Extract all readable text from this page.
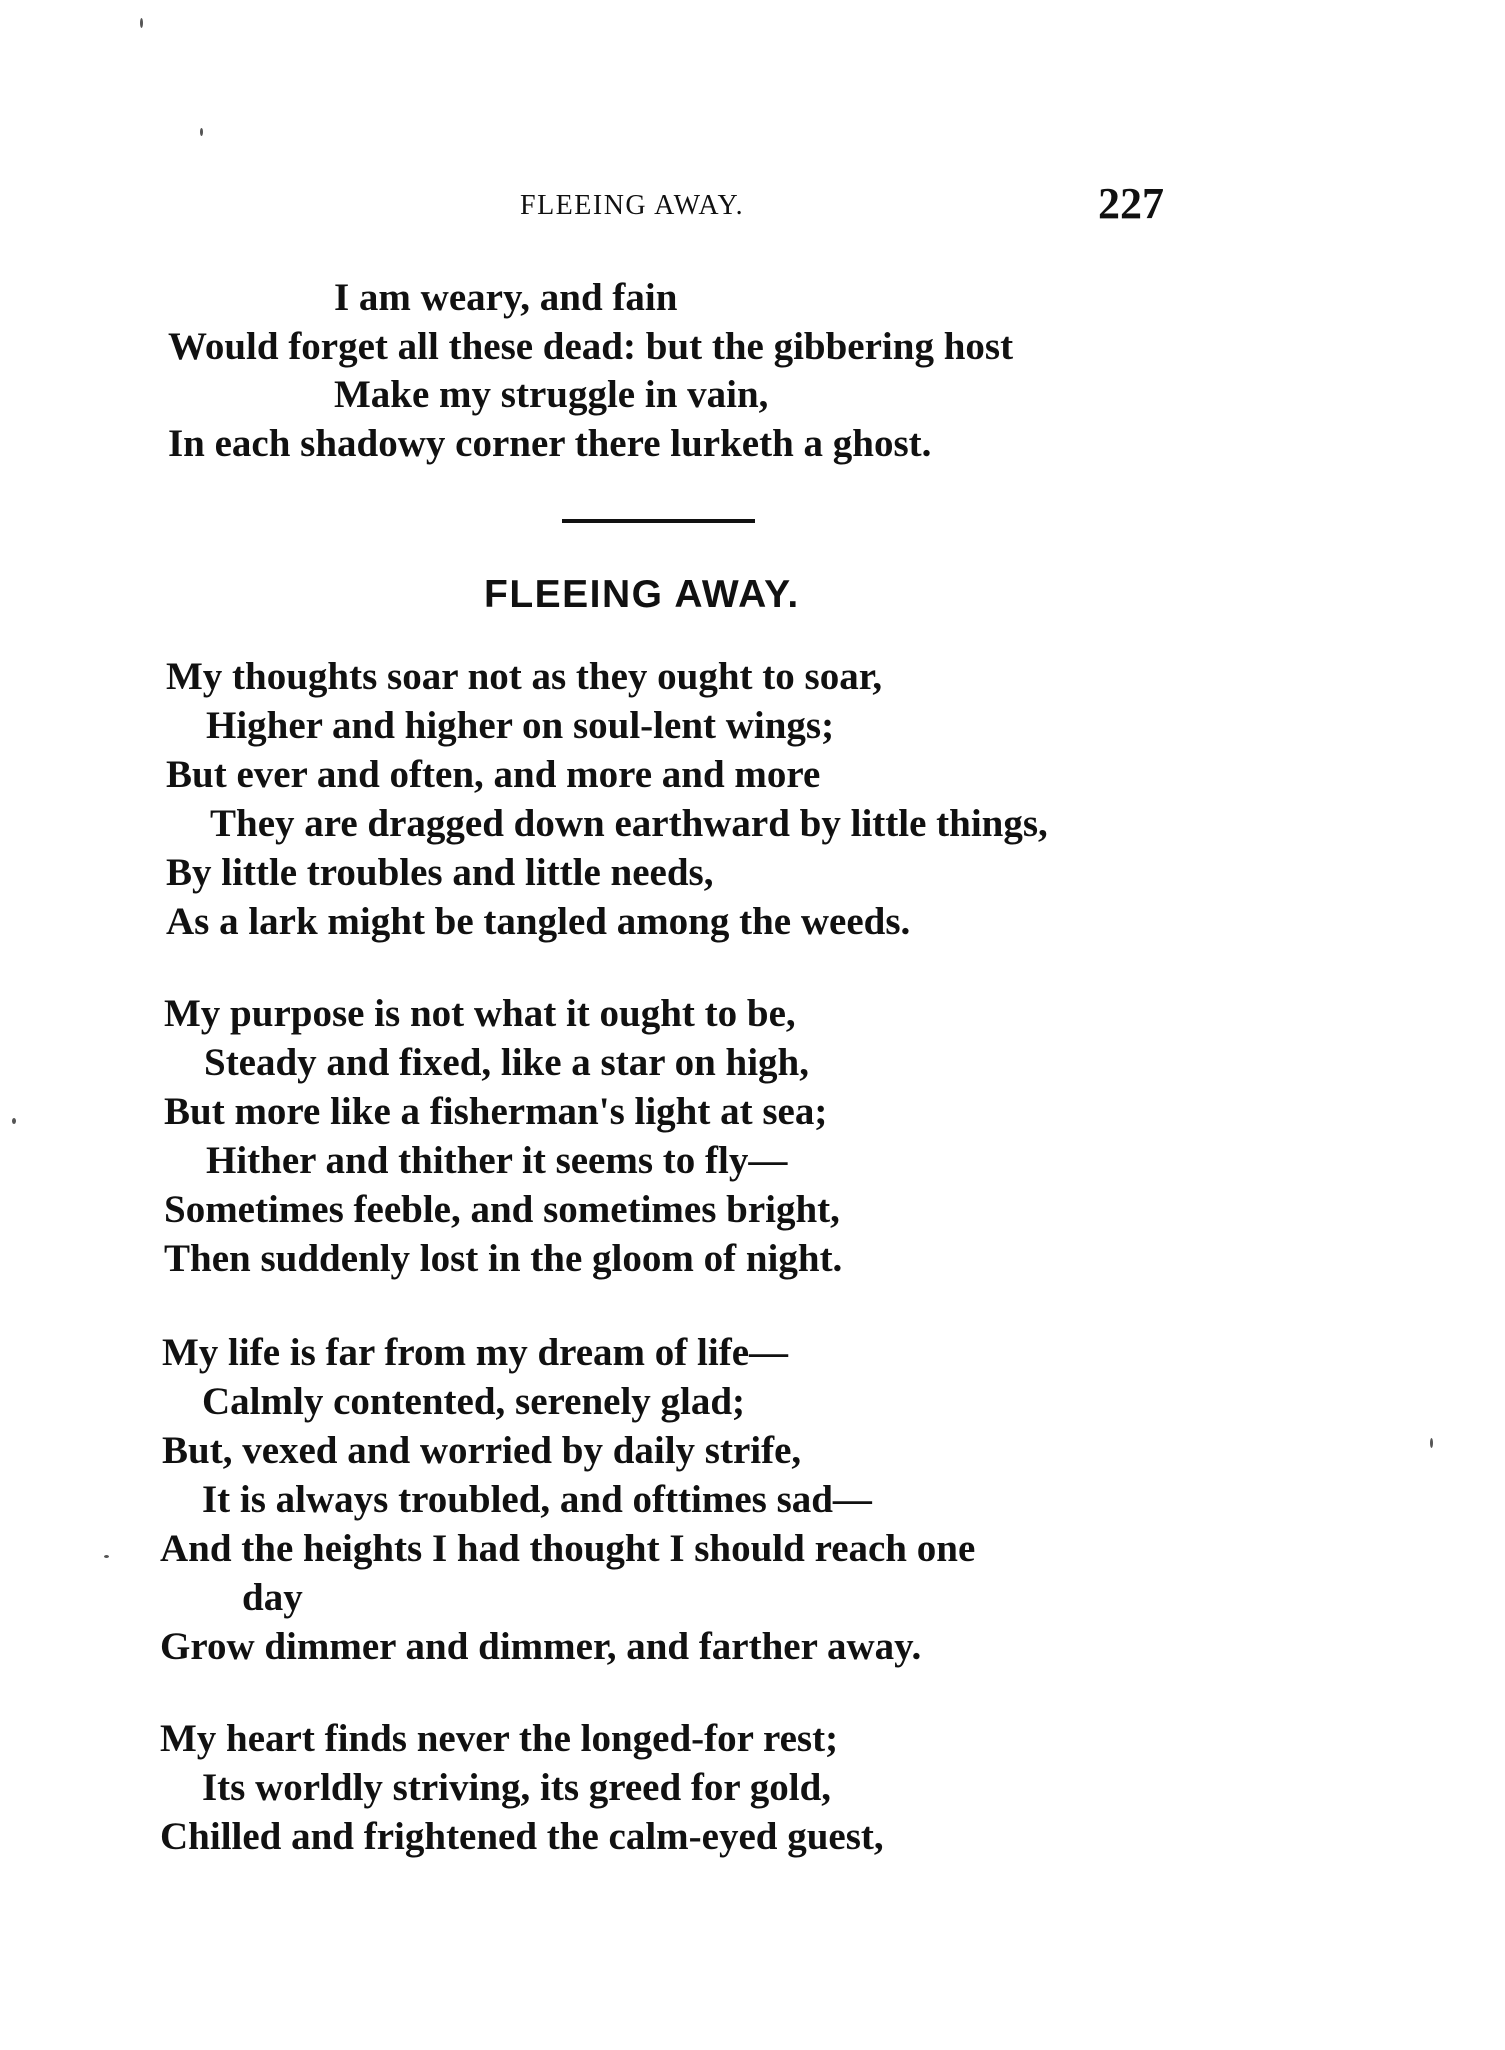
FLEEING AWAY.	227
I am weary, and fain
Would forget all these dead: but the gibbering host
Make my struggle in vain,
In each shadowy corner there lurketh a ghost.
FLEEING AWAY.
My thoughts soar not as they ought to soar,
Higher and higher on soul-lent wings;
But ever and often, and more and more
They are dragged down earthward by little things,
By little troubles and little needs,
As a lark might be tangled among the weeds.
My purpose is not what it ought to be,
Steady and fixed, like a star on high,
But more like a fisherman's light at sea;
Hither and thither it seems to fly—
Sometimes feeble, and sometimes bright,
Then suddenly lost in the gloom of night.
My life is far from my dream of life—
Calmly contented, serenely glad;
But, vexed and worried by daily strife,
It is always troubled, and ofttimes sad—
And the heights I had thought I should reach one
day
Grow dimmer and dimmer, and farther away.
My heart finds never the longed-for rest;
Its worldly striving, its greed for gold,
Chilled and frightened the calm-eyed guest,
